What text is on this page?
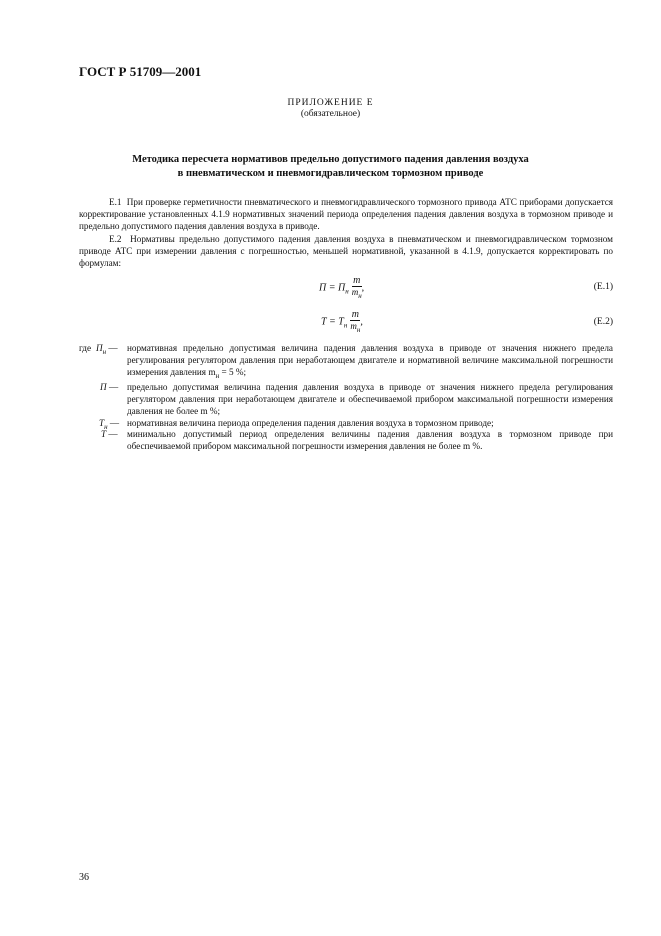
ГОСТ Р 51709—2001
ПРИЛОЖЕНИЕ Е
(обязательное)
Методика пересчета нормативов предельно допустимого падения давления воздуха
в пневматическом и пневмогидравлическом тормозном приводе
Е.1 При проверке герметичности пневматического и пневмогидравлического тормозного привода АТС приборами допускается корректирование установленных 4.1.9 нормативных значений периода определения падения давления воздуха в тормозном приводе и предельно допустимого падения давления воздуха в приводе.
Е.2 Нормативы предельно допустимого падения давления воздуха в пневматическом и пневмогидравлическом тормозном приводе АТС при измерении давления с погрешностью, меньшей нормативной, указанной в 4.1.9, допускается корректировать по формулам:
$П = П_н \frac{m}{m_н}$ ,	(Е.1)
$Т = Т_н \frac{m}{m_н}$ ,	(Е.2)
где $П_н$ — нормативная предельно допустимая величина падения давления воздуха в приводе от значения нижнего предела регулирования регулятором давления при неработающем двигателе и нормативной величине максимальной погрешности измерения давления $m_н = 5$ %;
П — предельно допустимая величина падения давления воздуха в приводе от значения нижнего предела регулирования регулятором давления при неработающем двигателе и обеспечиваемой прибором максимальной погрешности измерения давления не более m %;
$Т_н$ — нормативная величина периода определения падения давления воздуха в тормозном приводе;
Т — минимально допустимый период определения величины падения давления воздуха в тормозном приводе при обеспечиваемой прибором максимальной погрешности измерения давления не более m %.
36
